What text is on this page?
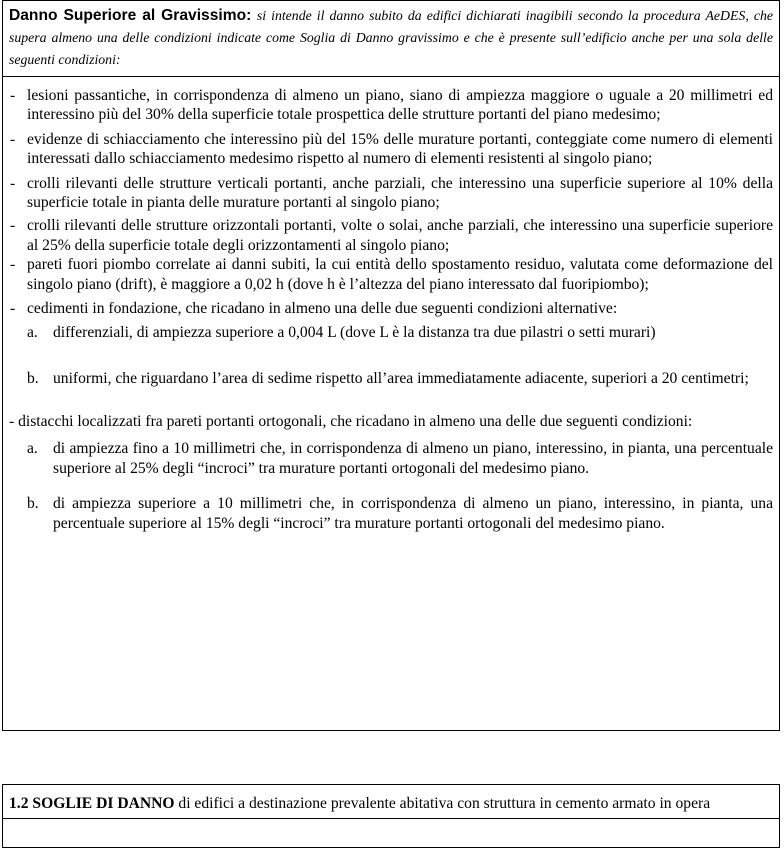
Danno Superiore al Gravissimo: si intende il danno subito da edifici dichiarati inagibili secondo la procedura AeDES, che supera almeno una delle condizioni indicate come Soglia di Danno gravissimo e che è presente sull’edificio anche per una sola delle seguenti condizioni:
- lesioni passantiche, in corrispondenza di almeno un piano, siano di ampiezza maggiore o uguale a 20 millimetri ed interessino più del 30% della superficie totale prospettica delle strutture portanti del piano medesimo;
- evidenze di schiacciamento che interessino più del 15% delle murature portanti, conteggiate come numero di elementi interessati dallo schiacciamento medesimo rispetto al numero di elementi resistenti al singolo piano;
- crolli rilevanti delle strutture verticali portanti, anche parziali, che interessino una superficie superiore al 10% della superficie totale in pianta delle murature portanti al singolo piano;
- crolli rilevanti delle strutture orizzontali portanti, volte o solai, anche parziali, che interessino una superficie superiore al 25% della superficie totale degli orizzontamenti al singolo piano;
- pareti fuori piombo correlate ai danni subiti, la cui entità dello spostamento residuo, valutata come deformazione del singolo piano (drift), è maggiore a 0,02 h (dove h è l’altezza del piano interessato dal fuoripiombo);
- cedimenti in fondazione, che ricadano in almeno una delle due seguenti condizioni alternative:
a. differenziali, di ampiezza superiore a 0,004 L (dove L è la distanza tra due pilastri o setti murari)
b. uniformi, che riguardano l’area di sedime rispetto all’area immediatamente adiacente, superiori a 20 centimetri;
- distacchi localizzati fra pareti portanti ortogonali, che ricadano in almeno una delle due seguenti condizioni:
a. di ampiezza fino a 10 millimetri che, in corrispondenza di almeno un piano, interessino, in pianta, una percentuale superiore al 25% degli “incroci” tra murature portanti ortogonali del medesimo piano.
b. di ampiezza superiore a 10 millimetri che, in corrispondenza di almeno un piano, interessino, in pianta, una percentuale superiore al 15% degli “incroci” tra murature portanti ortogonali del medesimo piano.
1.2 SOGLIE DI DANNO di edifici a destinazione prevalente abitativa con struttura in cemento armato in opera
